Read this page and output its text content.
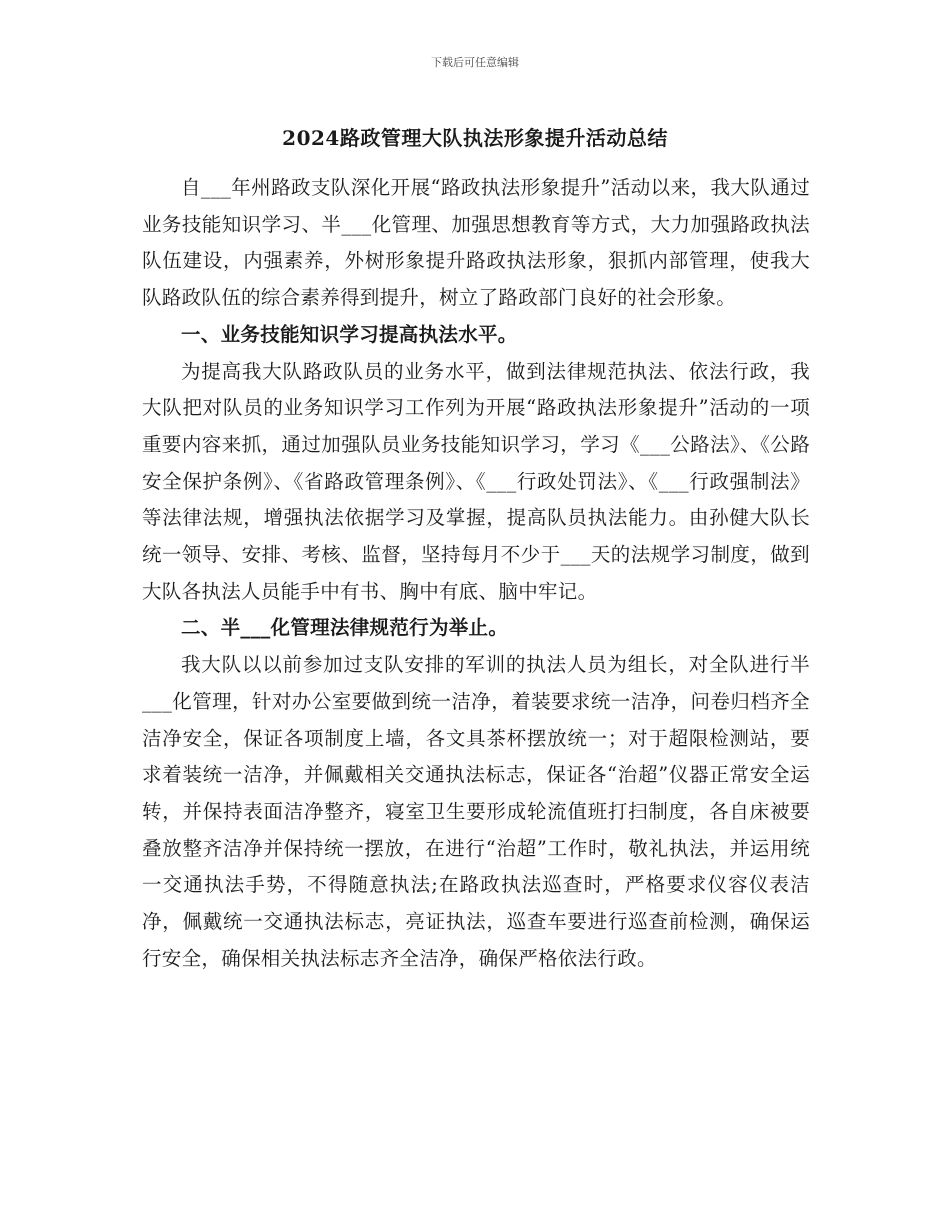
下载后可任意编辑
2024路政管理大队执法形象提升活动总结

自___年州路政支队深化开展“路政执法形象提升”活动以来，我大队通过业务技能知识学习、半___化管理、加强思想教育等方式，大力加强路政执法队伍建设，内强素养，外树形象提升路政执法形象，狠抓内部管理，使我大队路政队伍的综合素养得到提升，树立了路政部门良好的社会形象。

一、业务技能知识学习提高执法水平。

为提高我大队路政队员的业务水平，做到法律规范执法、依法行政，我大队把对队员的业务知识学习工作列为开展“路政执法形象提升”活动的一项重要内容来抓，通过加强队员业务技能知识学习，学习《___公路法》、《公路安全保护条例》、《省路政管理条例》、《___行政处罚法》、《___行政强制法》等法律法规，增强执法依据学习及掌握，提高队员执法能力。由孙健大队长统一领导、安排、考核、监督，坚持每月不少于___天的法规学习制度，做到大队各执法人员能手中有书、胸中有底、脑中牢记。

二、半___化管理法律规范行为举止。

我大队以以前参加过支队安排的军训的执法人员为组长，对全队进行半___化管理，针对办公室要做到统一洁净，着装要求统一洁净，问卷归档齐全洁净安全，保证各项制度上墙，各文具茶杯摆放统一；对于超限检测站，要求着装统一洁净，并佩戴相关交通执法标志，保证各“治超”仪器正常安全运转，并保持表面洁净整齐，寝室卫生要形成轮流值班打扫制度，各自床被要叠放整齐洁净并保持统一摆放，在进行“治超”工作时，敬礼执法，并运用统一交通执法手势，不得随意执法;在路政执法巡查时，严格要求仪容仪表洁净，佩戴统一交通执法标志，亮证执法，巡查车要进行巡查前检测，确保运行安全，确保相关执法标志齐全洁净，确保严格依法行政。
